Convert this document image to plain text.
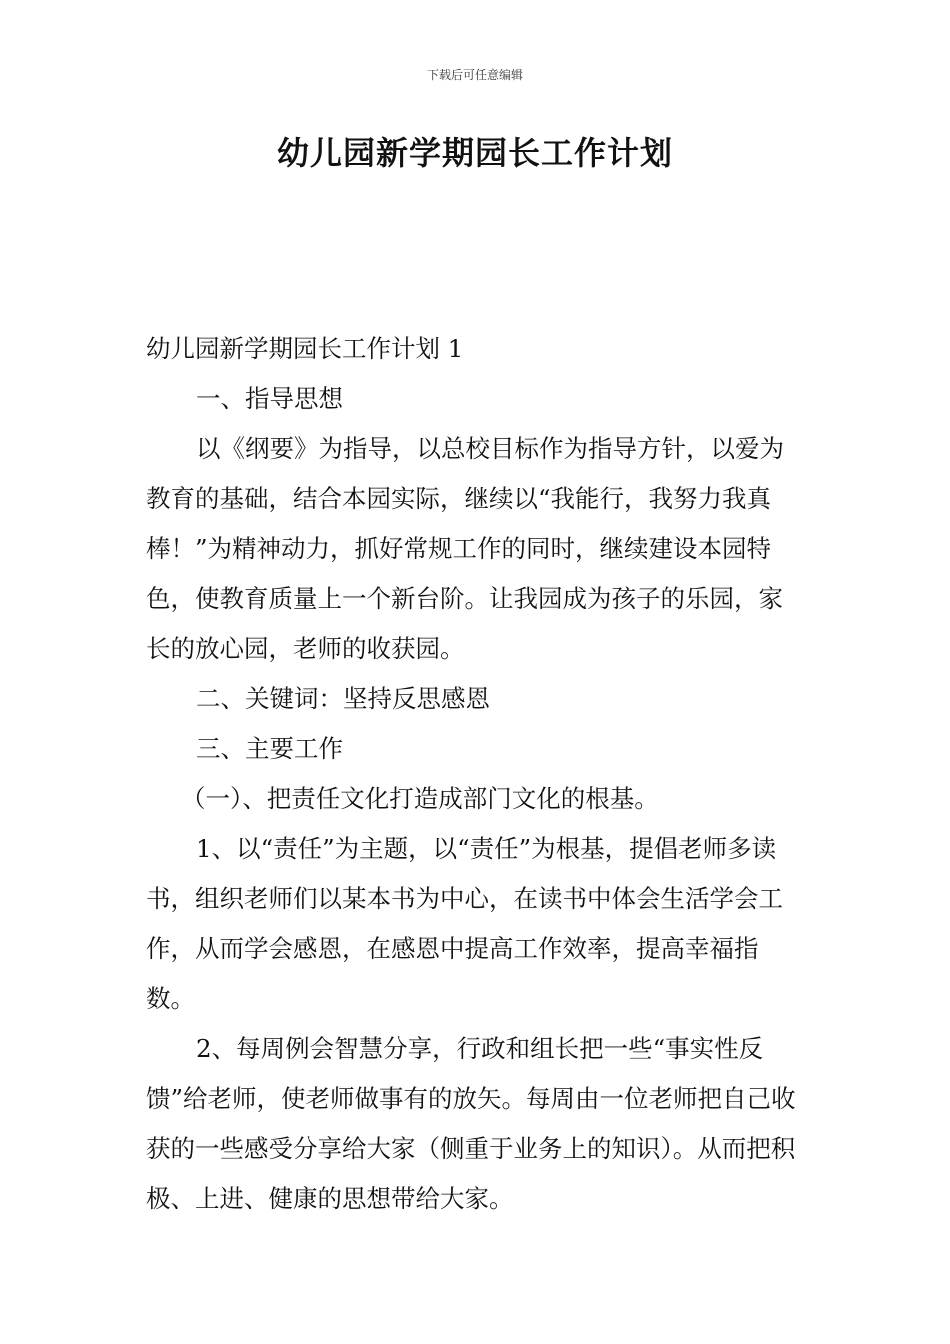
下载后可任意编辑
幼儿园新学期园长工作计划

幼儿园新学期园长工作计划 1

一、指导思想

以《纲要》为指导，以总校目标作为指导方针，以爱为教育的基础，结合本园实际，继续以“我能行，我努力我真棒！”为精神动力，抓好常规工作的同时，继续建设本园特色，使教育质量上一个新台阶。让我园成为孩子的乐园，家长的放心园，老师的收获园。

二、关键词：坚持反思感恩

三、主要工作

（一）、把责任文化打造成部门文化的根基。

1、以“责任”为主题，以“责任”为根基，提倡老师多读书，组织老师们以某本书为中心，在读书中体会生活学会工作，从而学会感恩，在感恩中提高工作效率，提高幸福指数。

2、每周例会智慧分享，行政和组长把一些“事实性反馈”给老师，使老师做事有的放矢。每周由一位老师把自己收获的一些感受分享给大家（侧重于业务上的知识）。从而把积极、上进、健康的思想带给大家。
